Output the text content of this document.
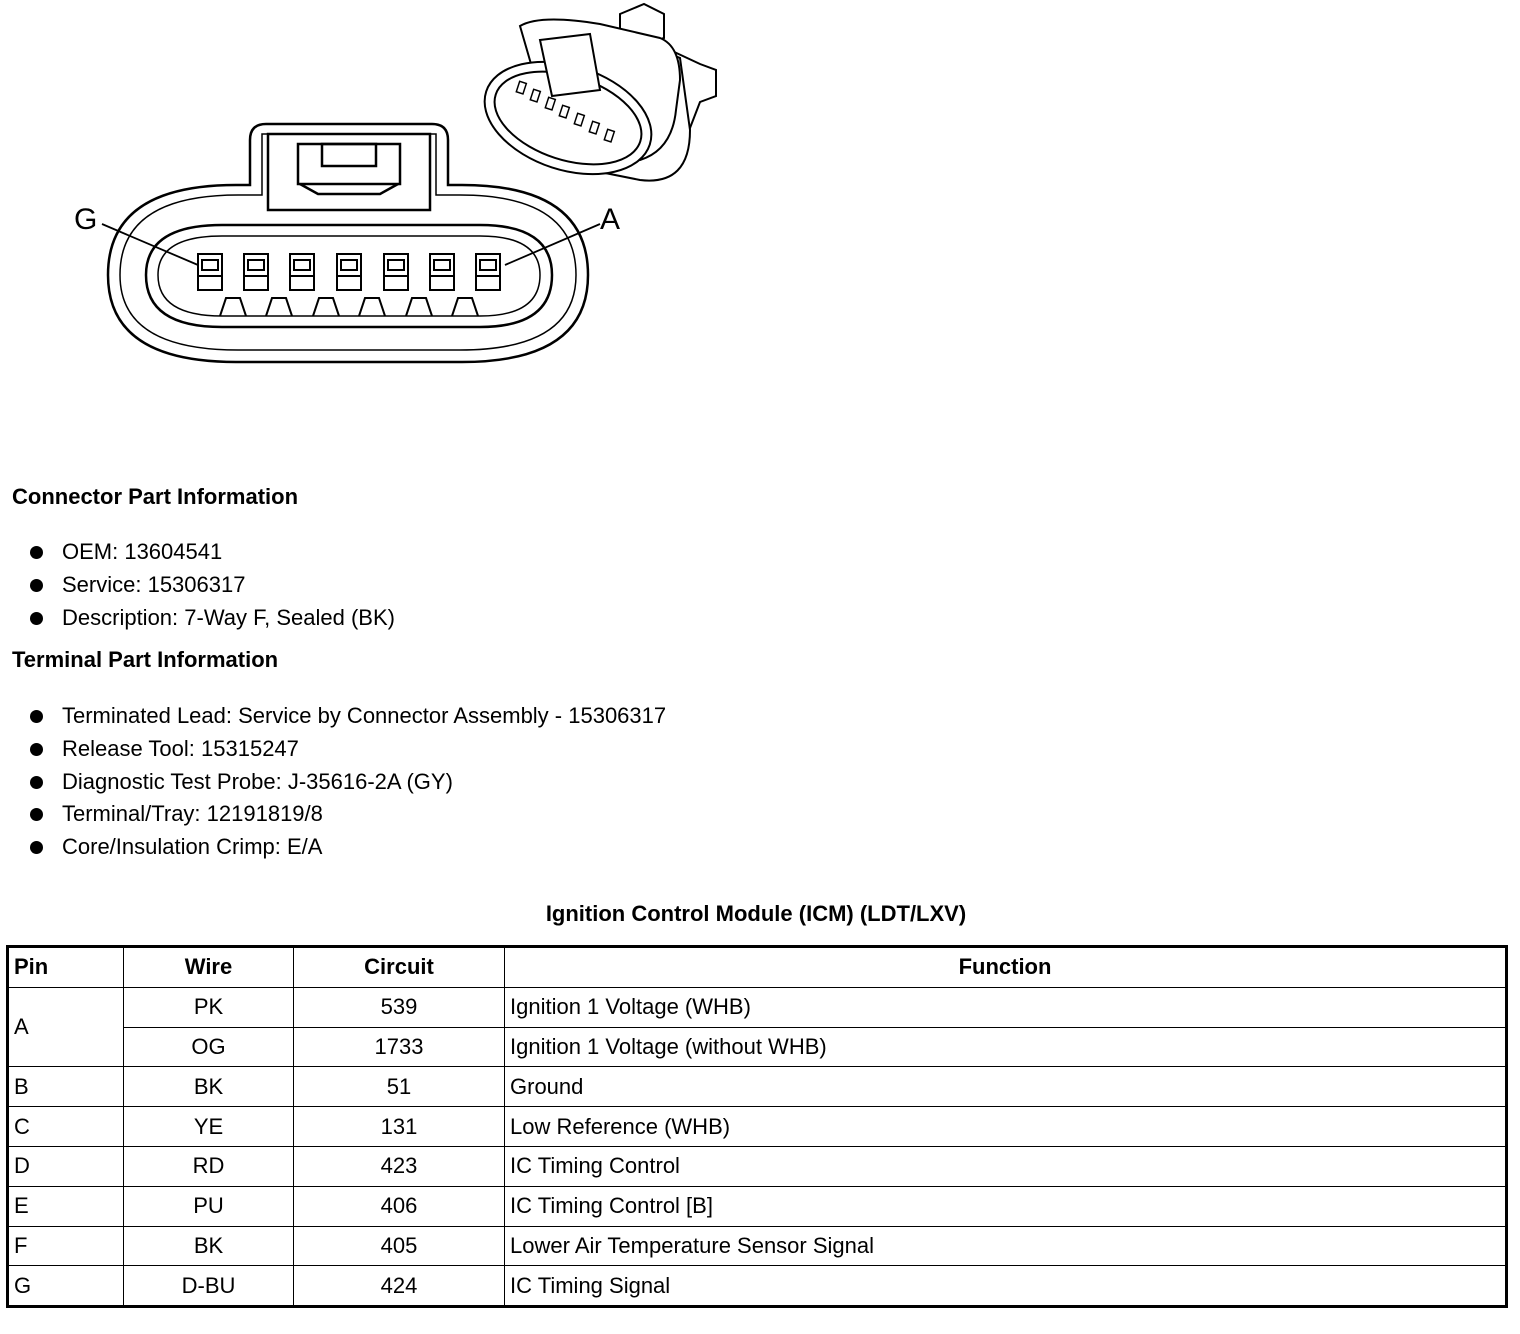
G	A
Connector Part Information
OEM: 13604541
Service: 15306317
Description: 7-Way F, Sealed (BK)
Terminal Part Information
Terminated Lead: Service by Connector Assembly - 15306317
Release Tool: 15315247
Diagnostic Test Probe: J-35616-2A (GY)
Terminal/Tray: 12191819/8
Core/Insulation Crimp: E/A
Ignition Control Module (ICM) (LDT/LXV)
Pin	Wire	Circuit	Function
A	PK	539	Ignition 1 Voltage (WHB)
	OG	1733	Ignition 1 Voltage (without WHB)
B	BK	51	Ground
C	YE	131	Low Reference (WHB)
D	RD	423	IC Timing Control
E	PU	406	IC Timing Control [B]
F	BK	405	Lower Air Temperature Sensor Signal
G	D-BU	424	IC Timing Signal
